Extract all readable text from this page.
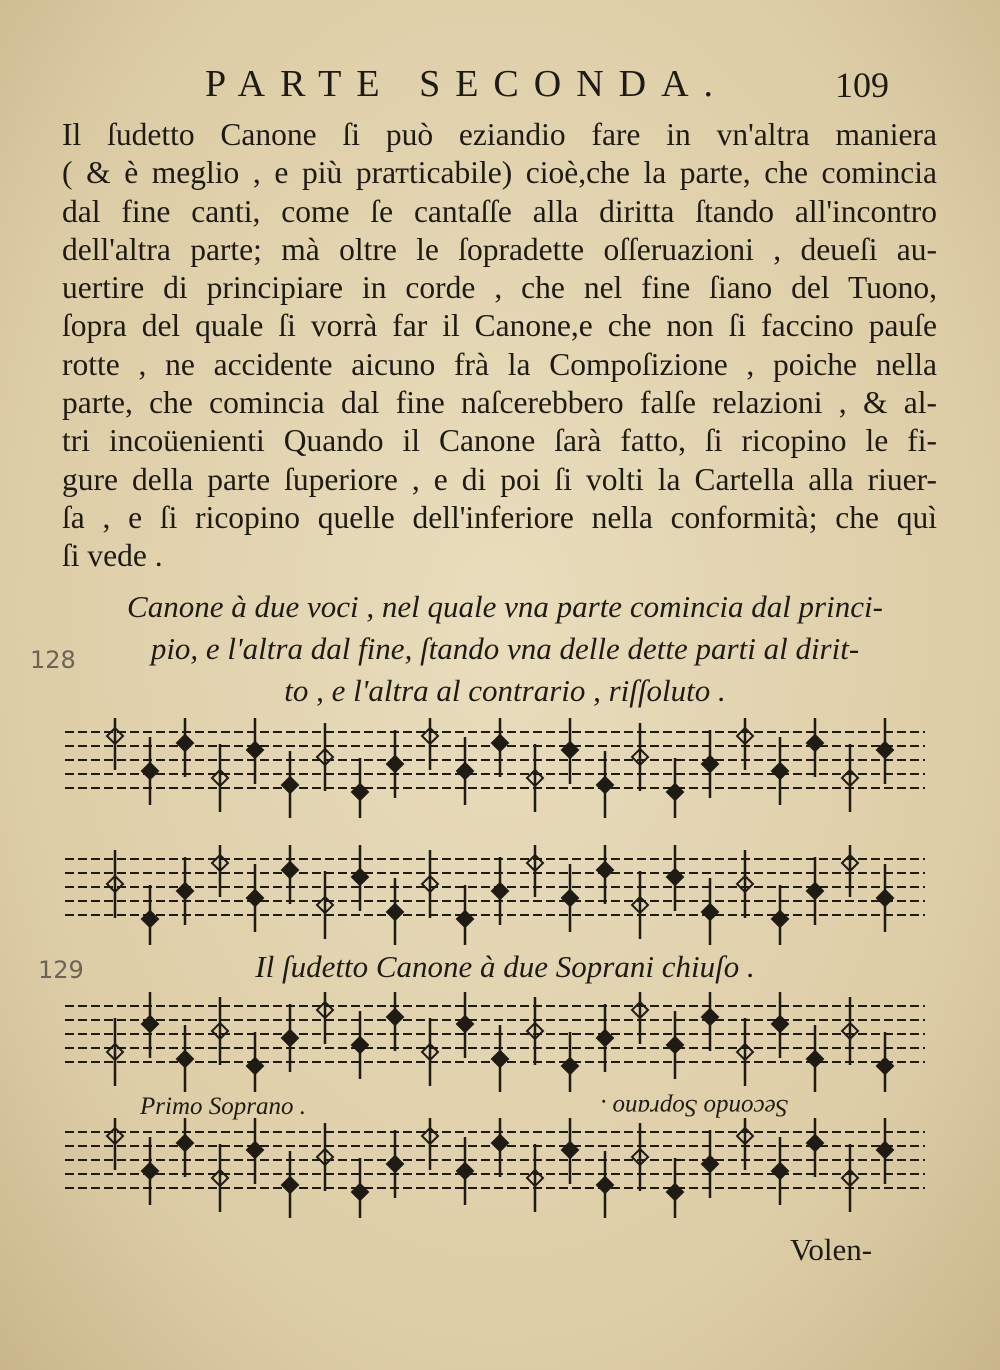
PARTE SECONDA.	109
Il ſudetto Canone ſi può eziandio fare in vn'altra maniera
( & è meglio , e più prатticabile) cioè,che la parte, che comincia
dal fine canti, come ſe cantaſſe alla diritta ſtando all'incontro
dell'altra parte; mà oltre le ſopradette oſſeruazioni , deueſi au-
uertire di principiare in corde , che nel fine ſiano del Tuono,
ſopra del quale ſi vorrà far il Canone,e che non ſi faccino pauſe
rotte , ne accidente aicuno frà la Compoſizione , poiche nella
parte, che comincia dal fine naſcerebbero falſe relazioni , & al-
tri incoüenienti Quando il Canone ſarà fatto, ſi ricopino le fi-
gure della parte ſuperiore , e di poi ſi volti la Cartella alla riuer-
ſa , e ſi ricopino quelle dell'inferiore nella conformità; che quì
ſi vede .
Canone à due voci , nel quale vna parte comincia dal princi-
pio, e l'altra dal fine, ſtando vna delle dette parti al dirit-
to , e l'altra al contrario , riſſoluto .
128
Il ſudetto Canone à due Soprani chiuſo .
129
Primo Soprano .	Secondo Soprano .
Volen-
